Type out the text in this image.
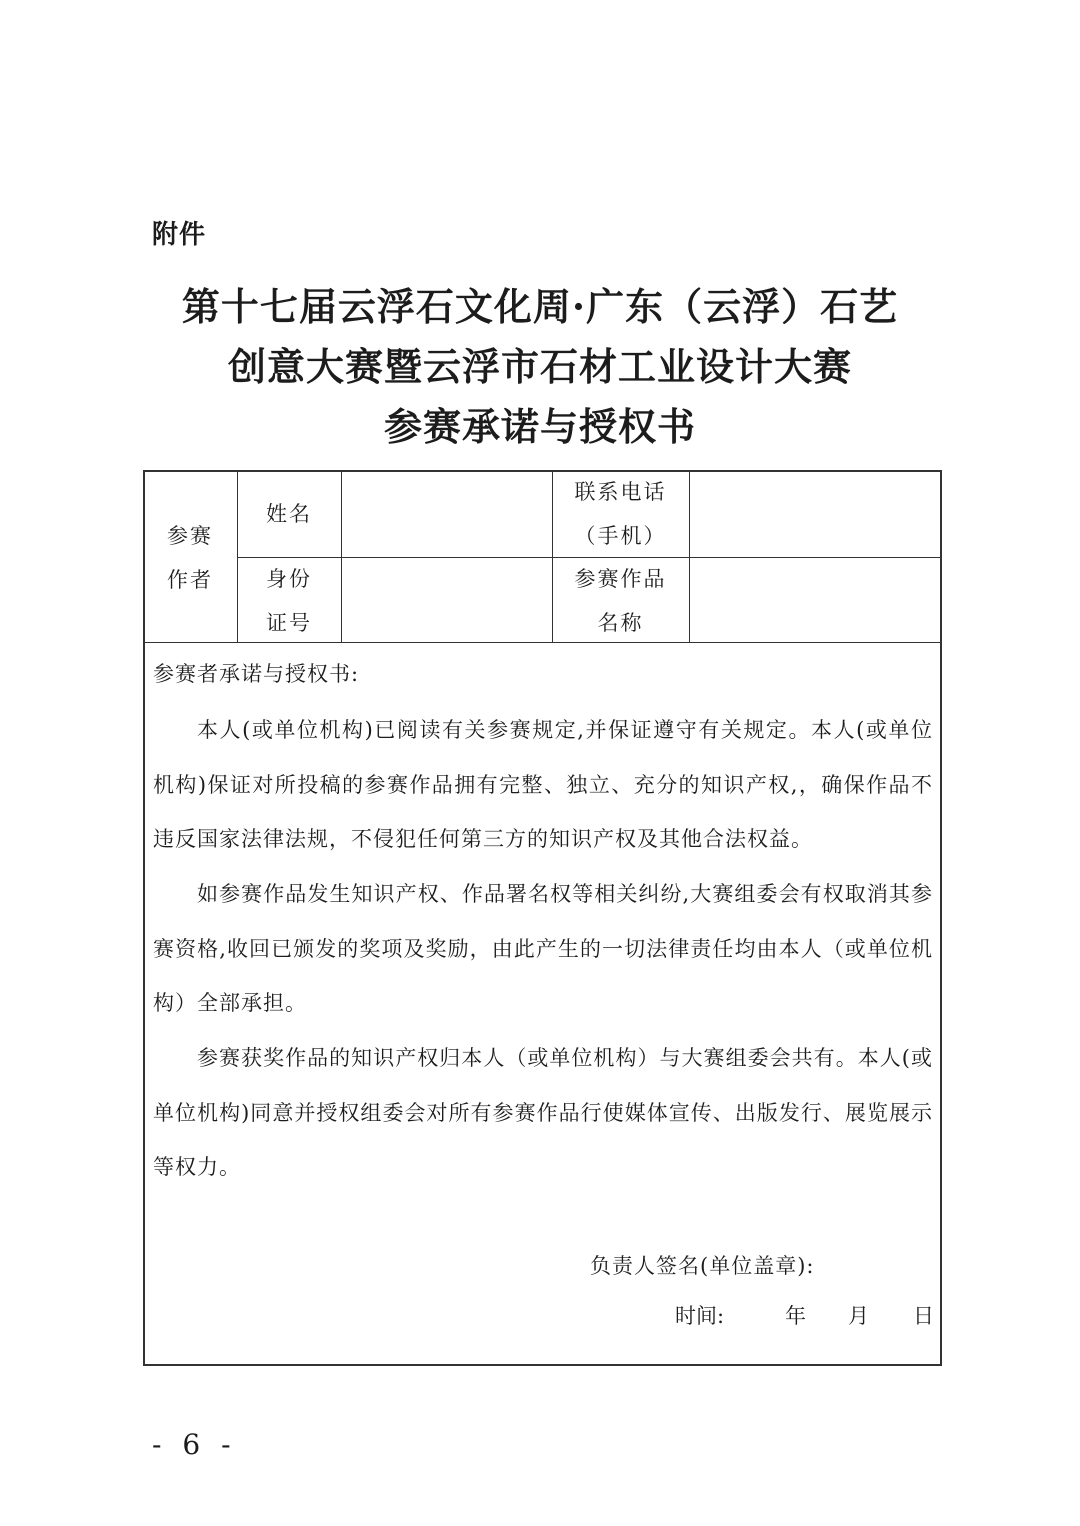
附件
第十七届云浮石文化周·广东（云浮）石艺
创意大赛暨云浮市石材工业设计大赛
参赛承诺与授权书
参赛
作者
姓名
联系电话
（手机）
身份
证号
参赛作品
名称
参赛者承诺与授权书:

本人(或单位机构)已阅读有关参赛规定,并保证遵守有关规定。本人(或单位机构)保证对所投稿的参赛作品拥有完整、独立、充分的知识产权,，确保作品不违反国家法律法规，不侵犯任何第三方的知识产权及其他合法权益。

如参赛作品发生知识产权、作品署名权等相关纠纷,大赛组委会有权取消其参赛资格,收回已颁发的奖项及奖励，由此产生的一切法律责任均由本人（或单位机构）全部承担。

参赛获奖作品的知识产权归本人（或单位机构）与大赛组委会共有。本人(或单位机构)同意并授权组委会对所有参赛作品行使媒体宣传、出版发行、展览展示等权力。

负责人签名(单位盖章):
时间:	年 月 日
- 6 -
